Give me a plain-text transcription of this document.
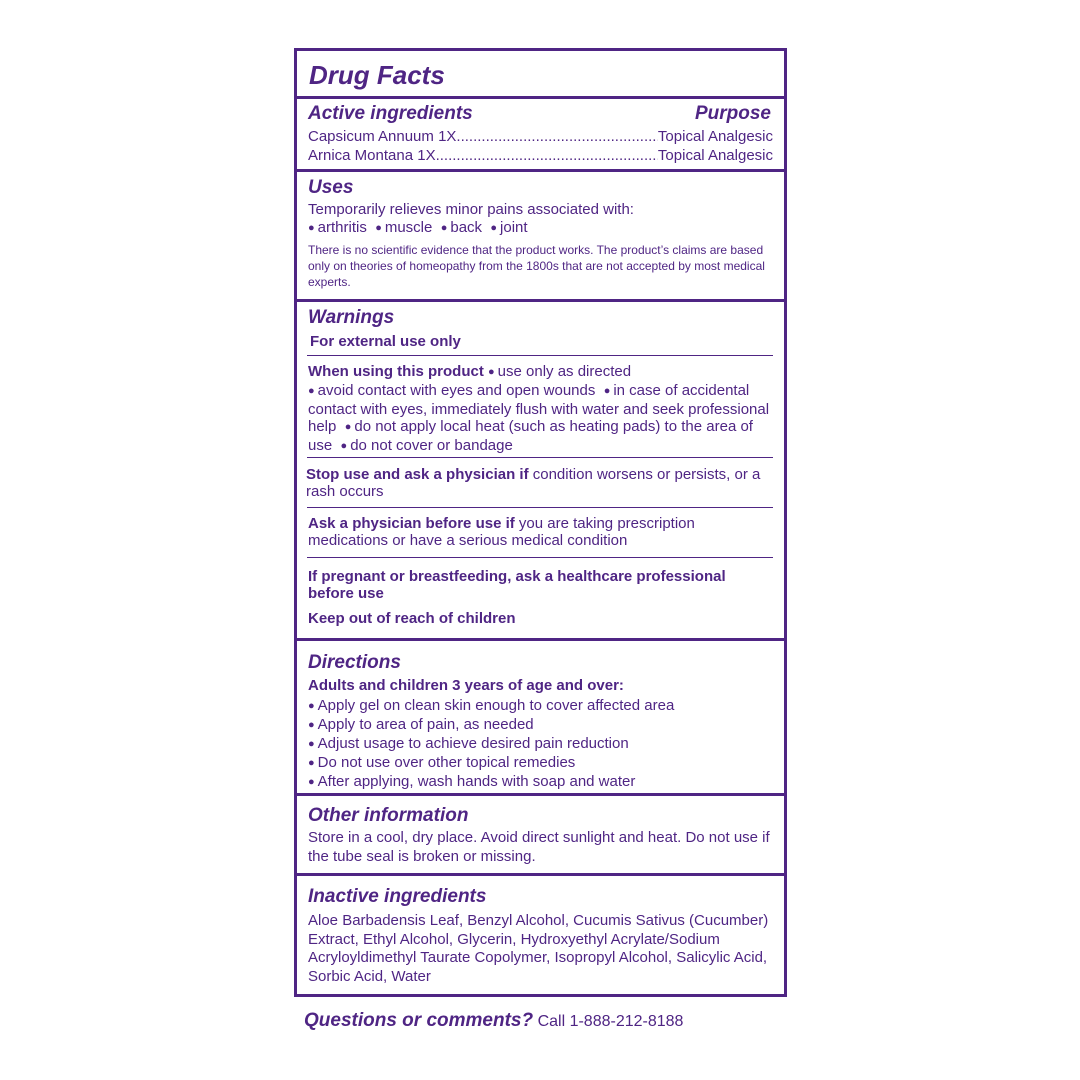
Drug Facts
Active ingredients	Purpose
Capsicum Annuum 1X .....	Topical Analgesic
Arnica Montana 1X .....	Topical Analgesic
Uses
Temporarily relieves minor pains associated with:
● arthritis ● muscle ● back ● joint
There is no scientific evidence that the product works. The product’s claims are based only on theories of homeopathy from the 1800s that are not accepted by most medical experts.
Warnings
For external use only
When using this product ● use only as directed
● avoid contact with eyes and open wounds ● in case of accidental contact with eyes, immediately flush with water and seek professional help ● do not apply local heat (such as heating pads) to the area of use ● do not cover or bandage
Stop use and ask a physician if condition worsens or persists, or a rash occurs
Ask a physician before use if you are taking prescription medications or have a serious medical condition
If pregnant or breastfeeding, ask a healthcare professional before use
Keep out of reach of children
Directions
Adults and children 3 years of age and over:
● Apply gel on clean skin enough to cover affected area
● Apply to area of pain, as needed
● Adjust usage to achieve desired pain reduction
● Do not use over other topical remedies
● After applying, wash hands with soap and water
Other information
Store in a cool, dry place. Avoid direct sunlight and heat. Do not use if the tube seal is broken or missing.
Inactive ingredients
Aloe Barbadensis Leaf, Benzyl Alcohol, Cucumis Sativus (Cucumber) Extract, Ethyl Alcohol, Glycerin, Hydroxyethyl Acrylate/Sodium Acryloyldimethyl Taurate Copolymer, Isopropyl Alcohol, Salicylic Acid, Sorbic Acid, Water
Questions or comments? Call 1-888-212-8188
